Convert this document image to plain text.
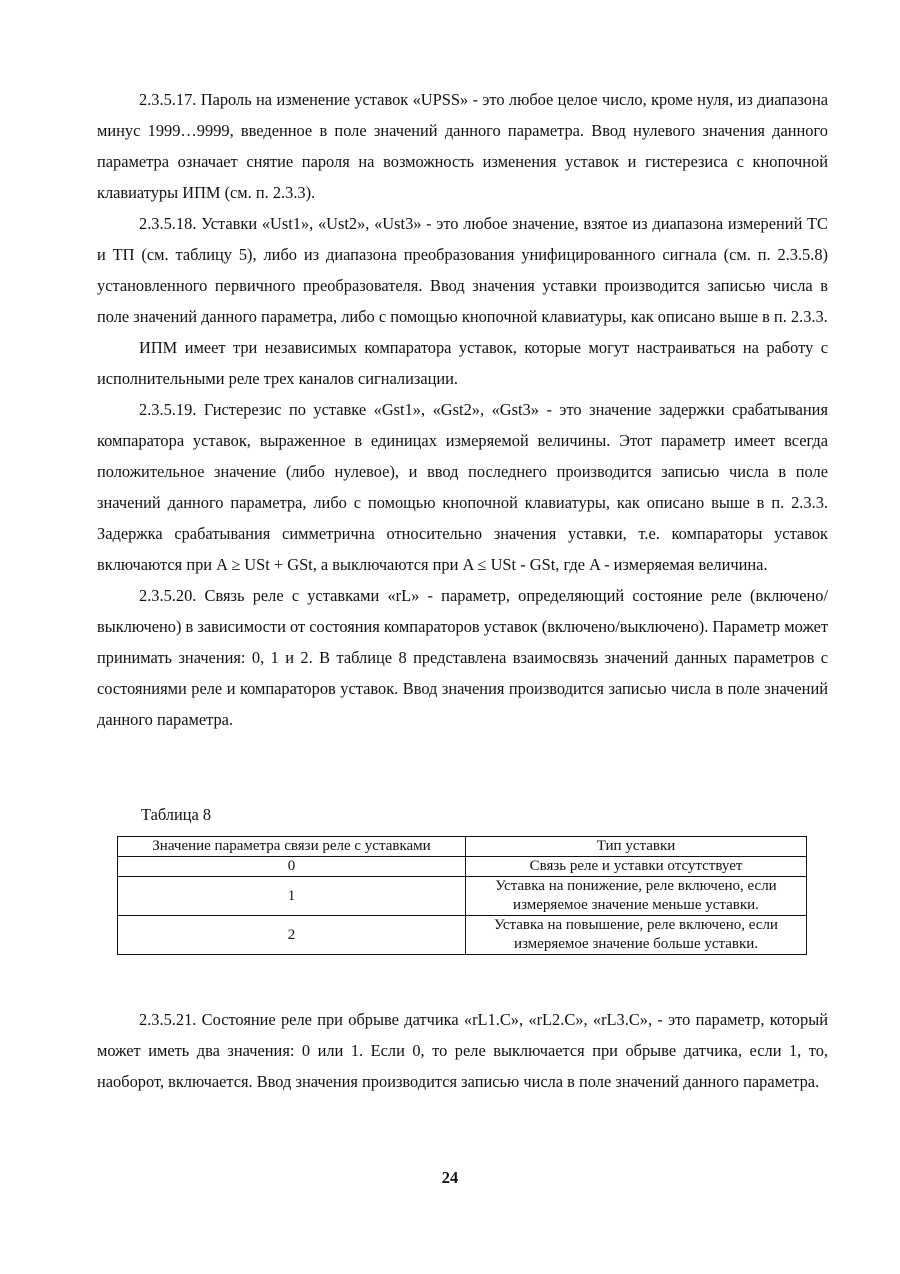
2.3.5.17. Пароль на изменение уставок «UPSS» - это любое целое число, кроме нуля, из диапазона минус 1999…9999, введенное в поле значений данного параметра. Ввод нулевого значения данного параметра означает снятие пароля на возможность изменения уставок и гистерезиса с кнопочной клавиатуры ИПМ (см. п. 2.3.3).

2.3.5.18. Уставки «Ust1», «Ust2», «Ust3» - это любое значение, взятое из диапазона измерений ТС и ТП (см. таблицу 5), либо из диапазона преобразования унифицированного сигнала (см. п. 2.3.5.8) установленного первичного преобразователя. Ввод значения уставки производится записью числа в поле значений данного параметра, либо с помощью кнопочной клавиатуры, как описано выше в п. 2.3.3.

ИПМ имеет три независимых компаратора уставок, которые могут настраиваться на работу с исполнительными реле трех каналов сигнализации.

2.3.5.19. Гистерезис по уставке «Gst1», «Gst2», «Gst3» - это значение задержки срабатывания компаратора уставок, выраженное в единицах измеряемой величины. Этот параметр имеет всегда положительное значение (либо нулевое), и ввод последнего производится записью числа в поле значений данного параметра, либо с помощью кнопочной клавиатуры, как описано выше в п. 2.3.3. Задержка срабатывания симметрична относительно значения уставки, т.е. компараторы уставок включаются при A ≥ USt + GSt, а выключаются при A ≤ USt - GSt, где A - измеряемая величина.

2.3.5.20. Связь реле с уставками «rL» - параметр, определяющий состояние реле (включено/выключено) в зависимости от состояния компараторов уставок (включено/выключено). Параметр может принимать значения: 0, 1 и 2. В таблице 8 представлена взаимосвязь значений данных параметров с состояниями реле и компараторов уставок. Ввод значения производится записью числа в поле значений данного параметра.

Таблица 8
Значение параметра связи реле с уставками	Тип уставки
0	Связь реле и уставки отсутствует
1	Уставка на понижение, реле включено, если измеряемое значение меньше уставки.
2	Уставка на повышение, реле включено, если измеряемое значение больше уставки.

2.3.5.21. Состояние реле при обрыве датчика «rL1.C», «rL2.C», «rL3.C», - это параметр, который может иметь два значения: 0 или 1. Если 0, то реле выключается при обрыве датчика, если 1, то, наоборот, включается. Ввод значения производится записью числа в поле значений данного параметра.

24
